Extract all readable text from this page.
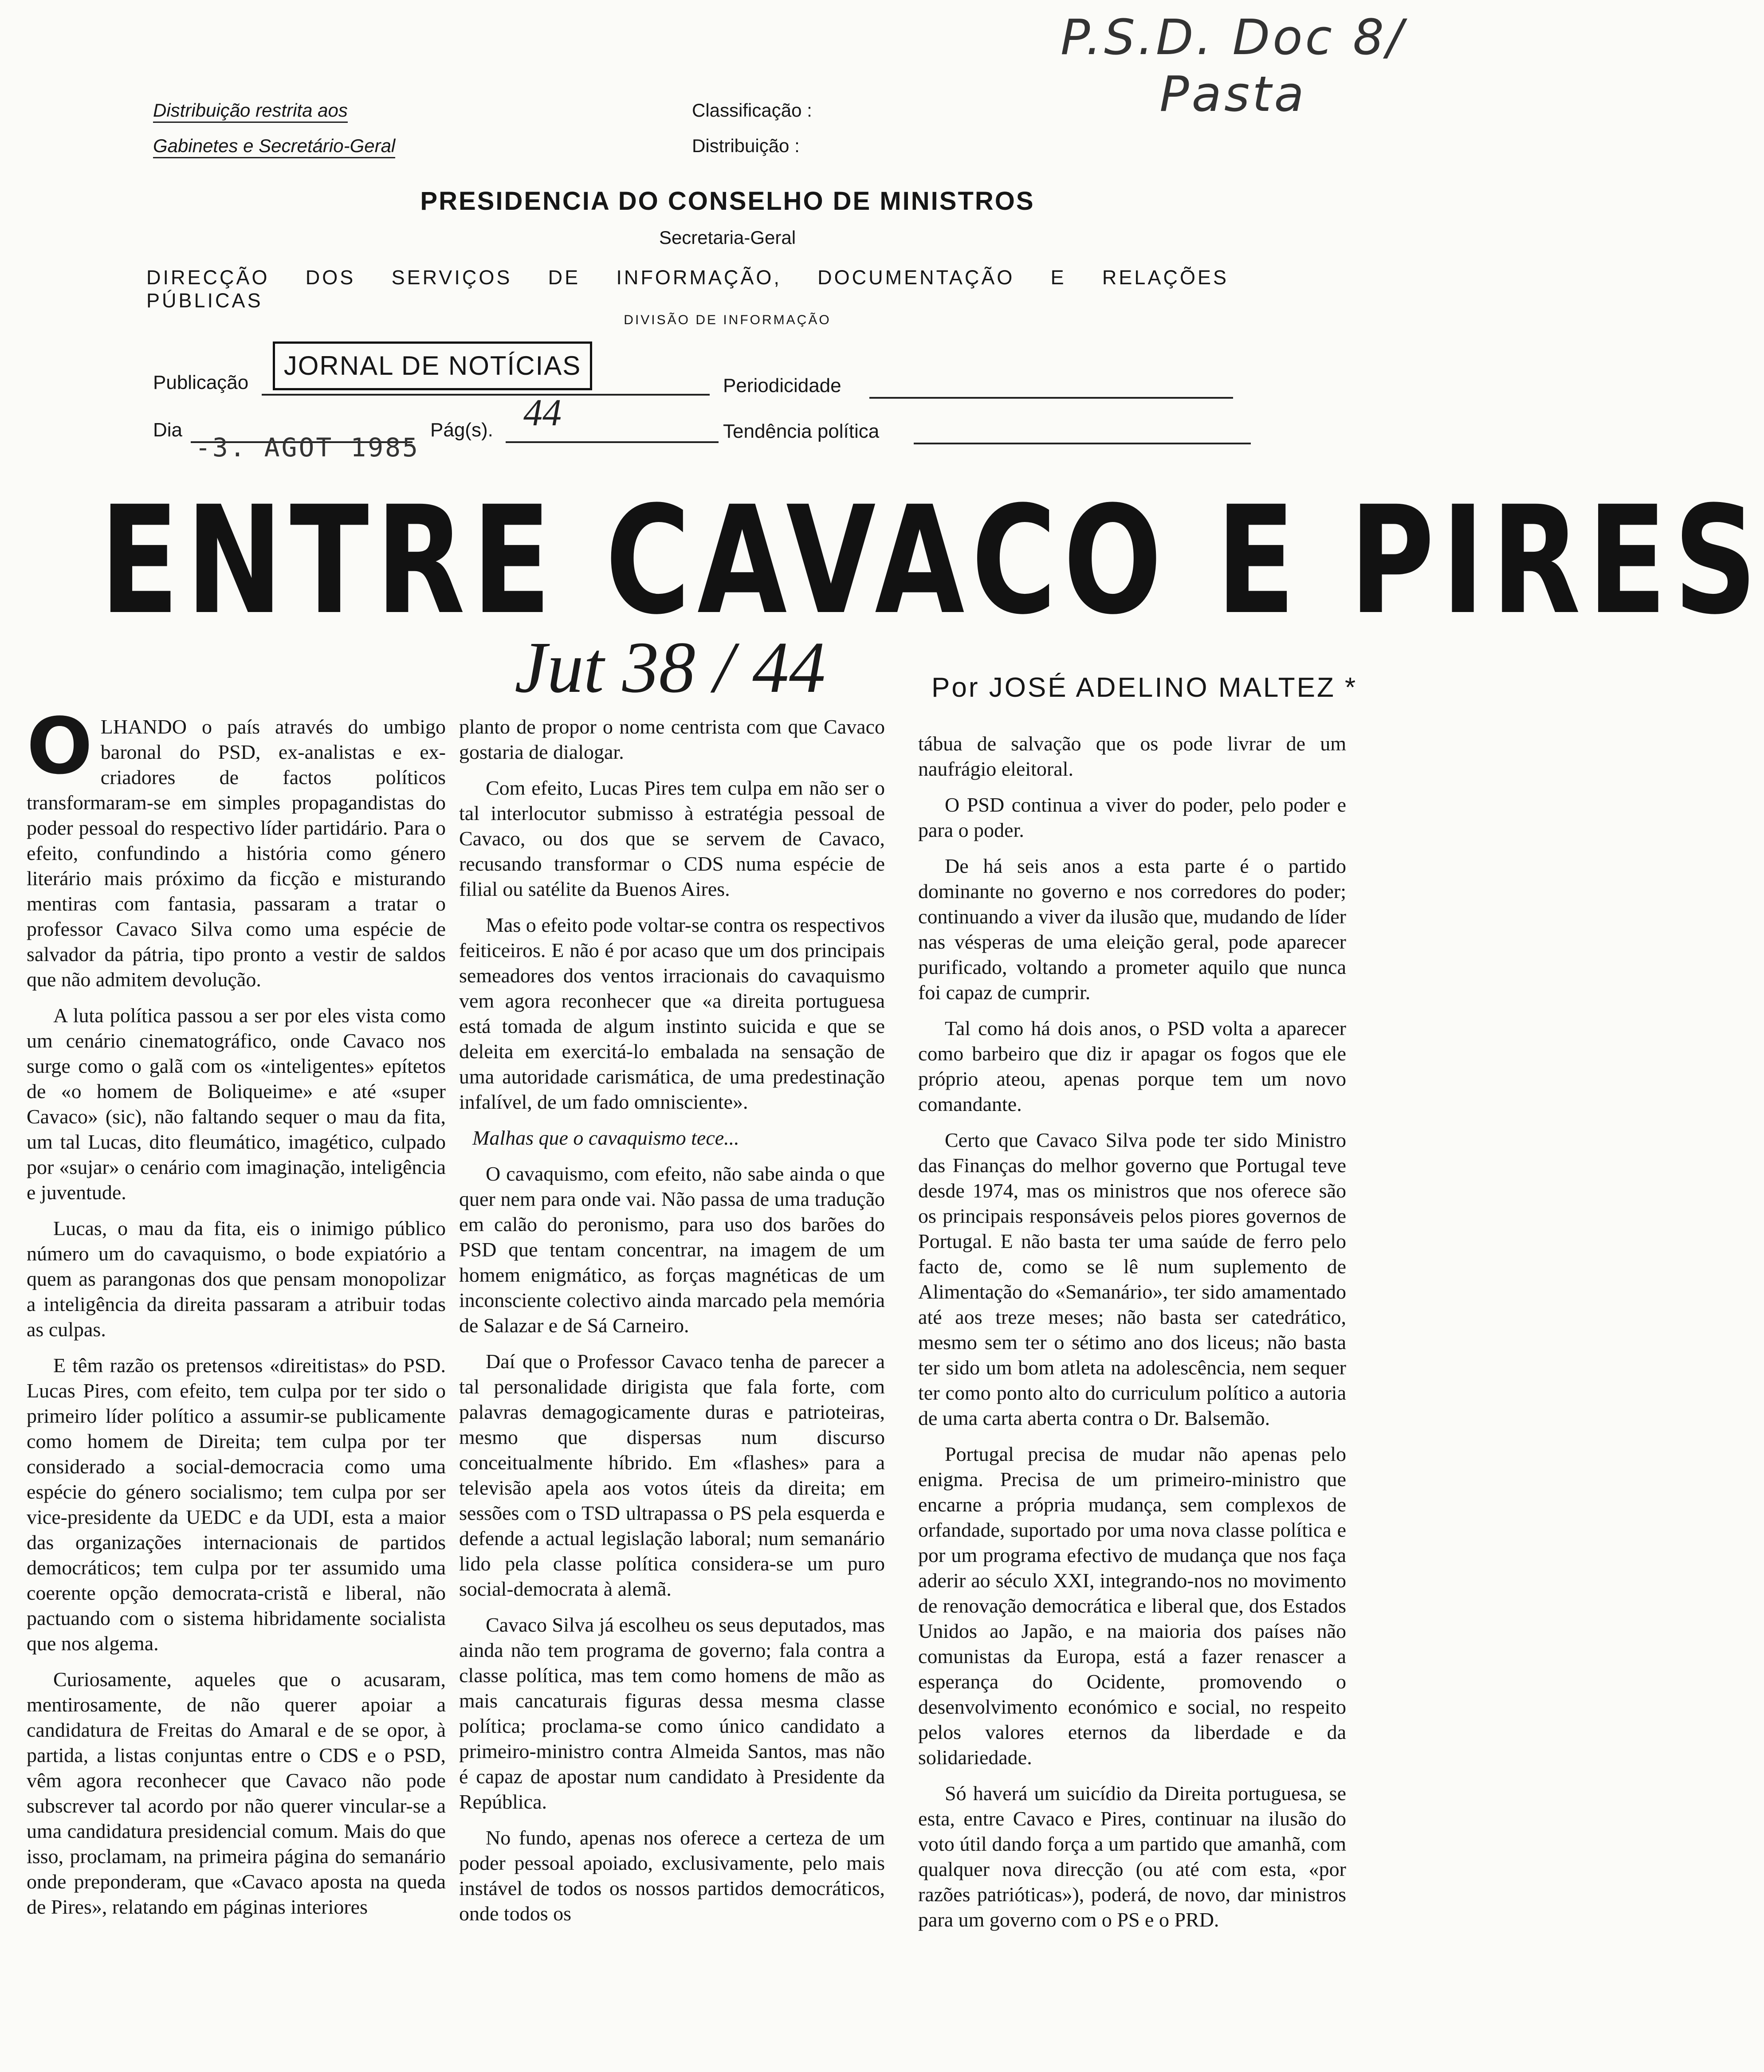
P.S.D. Doc 8/ Pasta
Distribuição restrita aos
Gabinetes e Secretário-Geral
Classificação :
Distribuição :
PRESIDENCIA DO CONSELHO DE MINISTROS
Secretaria-Geral
DIRECÇÃO DOS SERVIÇOS DE INFORMAÇÃO, DOCUMENTAÇÃO E RELAÇÕES PÚBLICAS
DIVISÃO DE INFORMAÇÃO
Publicação
JORNAL DE NOTÍCIAS
Periodicidade
Dia
-3. AGOT 1985
Pág(s). 44	Tendência política
ENTRE CAVACO E PIRES
Jut 38 / 44	Por JOSÉ ADELINO MALTEZ *

OLHANDO o país através do umbigo baronal do PSD, ex-analistas e ex-criadores de factos políticos transformaram-se em simples propagandistas do poder pessoal do respectivo líder partidário. Para o efeito, confundindo a história como género literário mais próximo da ficção e misturando mentiras com fantasia, passaram a tratar o professor Cavaco Silva como uma espécie de salvador da pátria, tipo pronto a vestir de saldos que não admitem devolução.

A luta política passou a ser por eles vista como um cenário cinematográfico, onde Cavaco nos surge como o galã com os «inteligentes» epítetos de «o homem de Boliqueime» e até «super Cavaco» (sic), não faltando sequer o mau da fita, um tal Lucas, dito fleumático, imagético, culpado por «sujar» o cenário com imaginação, inteligência e juventude.

Lucas, o mau da fita, eis o inimigo público número um do cavaquismo, o bode expiatório a quem as parangonas dos que pensam monopolizar a inteligência da direita passaram a atribuir todas as culpas.

E têm razão os pretensos «direitistas» do PSD. Lucas Pires, com efeito, tem culpa por ter sido o primeiro líder político a assumir-se publicamente como homem de Direita; tem culpa por ter considerado a social-democracia como uma espécie do género socialismo; tem culpa por ser vice-presidente da UEDC e da UDI, esta a maior das organizações internacionais de partidos democráticos; tem culpa por ter assumido uma coerente opção democrata-cristã e liberal, não pactuando com o sistema hibridamente socialista que nos algema.

Curiosamente, aqueles que o acusaram, mentirosamente, de não querer apoiar a candidatura de Freitas do Amaral e de se opor, à partida, a listas conjuntas entre o CDS e o PSD, vêm agora reconhecer que Cavaco não pode subscrever tal acordo por não querer vincular-se a uma candidatura presidencial comum. Mais do que isso, proclamam, na primeira página do semanário onde preponderam, que «Cavaco aposta na queda de Pires», relatando em páginas interiores

planto de propor o nome centrista com que Cavaco gostaria de dialogar.

Com efeito, Lucas Pires tem culpa em não ser o tal interlocutor submisso à estratégia pessoal de Cavaco, ou dos que se servem de Cavaco, recusando transformar o CDS numa espécie de filial ou satélite da Buenos Aires.

Mas o efeito pode voltar-se contra os respectivos feiticeiros. E não é por acaso que um dos principais semeadores dos ventos irracionais do cavaquismo vem agora reconhecer que «a direita portuguesa está tomada de algum instinto suicida e que se deleita em exercitá-lo embalada na sensação de uma autoridade carismática, de uma predestinação infalível, de um fado omnisciente».

Malhas que o cavaquismo tece...

O cavaquismo, com efeito, não sabe ainda o que quer nem para onde vai. Não passa de uma tradução em calão do peronismo, para uso dos barões do PSD que tentam concentrar, na imagem de um homem enigmático, as forças magnéticas de um inconsciente colectivo ainda marcado pela memória de Salazar e de Sá Carneiro.

Daí que o Professor Cavaco tenha de parecer a tal personalidade dirigista que fala forte, com palavras demagogicamente duras e patrioteiras, mesmo que dispersas num discurso conceitualmente híbrido. Em «flashes» para a televisão apela aos votos úteis da direita; em sessões com o TSD ultrapassa o PS pela esquerda e defende a actual legislação laboral; num semanário lido pela classe política considera-se um puro social-democrata à alemã.

Cavaco Silva já escolheu os seus deputados, mas ainda não tem programa de governo; fala contra a classe política, mas tem como homens de mão as mais cancaturais figuras dessa mesma classe política; proclama-se como único candidato a primeiro-ministro contra Almeida Santos, mas não é capaz de apostar num candidato à Presidente da República.

No fundo, apenas nos oferece a certeza de um poder pessoal apoiado, exclusivamente, pelo mais instável de todos os nossos partidos democráticos, onde todos os

tábua de salvação que os pode livrar de um naufrágio eleitoral.

O PSD continua a viver do poder, pelo poder e para o poder.

De há seis anos a esta parte é o partido dominante no governo e nos corredores do poder; continuando a viver da ilusão que, mudando de líder nas vésperas de uma eleição geral, pode aparecer purificado, voltando a prometer aquilo que nunca foi capaz de cumprir.

Tal como há dois anos, o PSD volta a aparecer como barbeiro que diz ir apagar os fogos que ele próprio ateou, apenas porque tem um novo comandante.

Certo que Cavaco Silva pode ter sido Ministro das Finanças do melhor governo que Portugal teve desde 1974, mas os ministros que nos oferece são os principais responsáveis pelos piores governos de Portugal. E não basta ter uma saúde de ferro pelo facto de, como se lê num suplemento de Alimentação do «Semanário», ter sido amamentado até aos treze meses; não basta ser catedrático, mesmo sem ter o sétimo ano dos liceus; não basta ter sido um bom atleta na adolescência, nem sequer ter como ponto alto do curriculum político a autoria de uma carta aberta contra o Dr. Balsemão.

Portugal precisa de mudar não apenas pelo enigma. Precisa de um primeiro-ministro que encarne a própria mudança, sem complexos de orfandade, suportado por uma nova classe política e por um programa efectivo de mudança que nos faça aderir ao século XXI, integrando-nos no movimento de renovação democrática e liberal que, dos Estados Unidos ao Japão, e na maioria dos países não comunistas da Europa, está a fazer renascer a esperança do Ocidente, promovendo o desenvolvimento económico e social, no respeito pelos valores eternos da liberdade e da solidariedade.

Só haverá um suicídio da Direita portuguesa, se esta, entre Cavaco e Pires, continuar na ilusão do voto útil dando força a um partido que amanhã, com qualquer nova direcção (ou até com esta, «por razões patrióticas»), poderá, de novo, dar ministros para um governo com o PS e o PRD.
